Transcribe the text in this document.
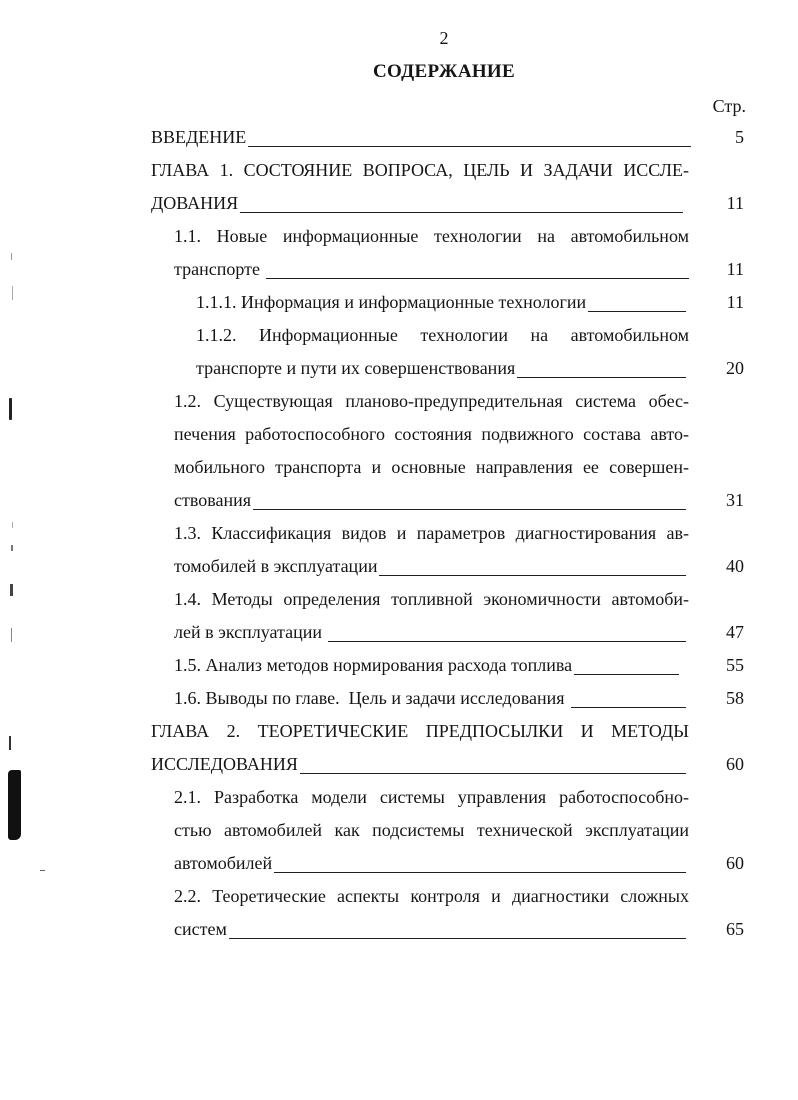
2
СОДЕРЖАНИЕ
Стр.
ВВЕДЕНИЕ	5
ГЛАВА 1. СОСТОЯНИЕ ВОПРОСА, ЦЕЛЬ И ЗАДАЧИ ИССЛЕ-
ДОВАНИЯ	11
1.1. Новые информационные технологии на автомобильном
транспорте	11
1.1.1. Информация и информационные технологии	11
1.1.2. Информационные технологии на автомобильном
транспорте и пути их совершенствования	20
1.2. Существующая планово-предупредительная система обес-
печения работоспособного состояния подвижного состава авто-
мобильного транспорта и основные направления ее совершен-
ствования	31
1.3. Классификация видов и параметров диагностирования ав-
томобилей в эксплуатации	40
1.4. Методы определения топливной экономичности автомоби-
лей в эксплуатации	47
1.5. Анализ методов нормирования расхода топлива	55
1.6. Выводы по главе.  Цель и задачи исследования	58
ГЛАВА 2. ТЕОРЕТИЧЕСКИЕ ПРЕДПОСЫЛКИ И МЕТОДЫ
ИССЛЕДОВАНИЯ	60
2.1. Разработка модели системы управления работоспособно-
стью автомобилей как подсистемы технической эксплуатации
автомобилей	60
2.2. Теоретические аспекты контроля и диагностики сложных
систем	65
